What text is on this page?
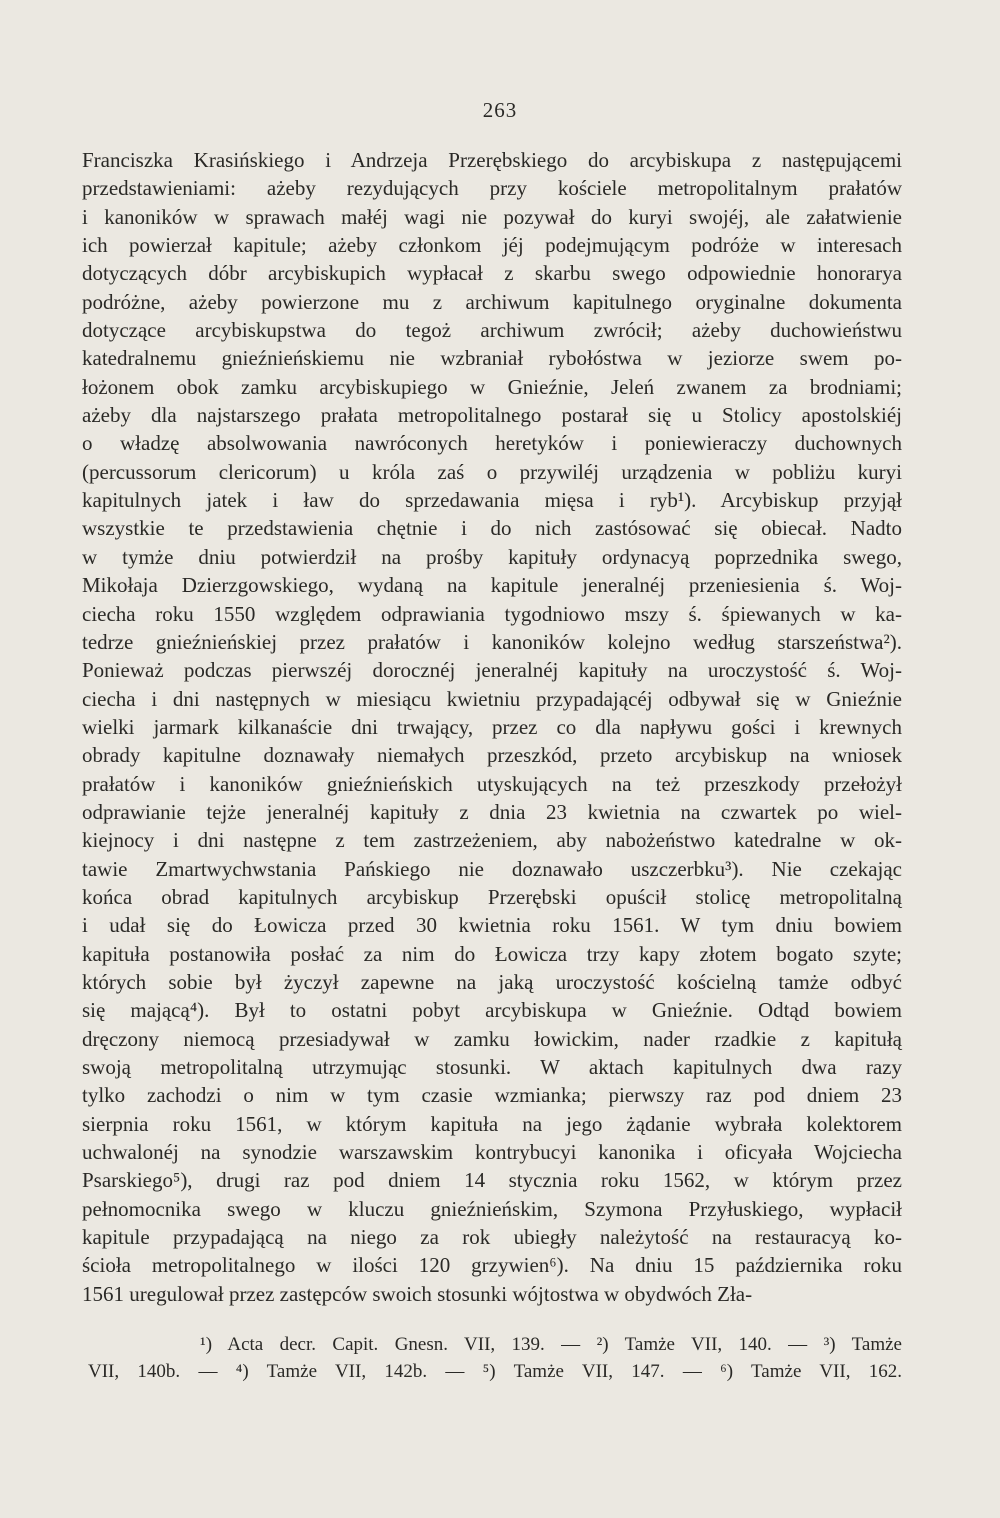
263
Franciszka Krasińskiego i Andrzeja Przerębskiego do arcybiskupa z następującemi
przedstawieniami: ażeby rezydujących przy kościele metropolitalnym prałatów
i kanoników w sprawach małéj wagi nie pozywał do kuryi swojéj, ale załatwienie
ich powierzał kapitule; ażeby członkom jéj podejmującym podróże w interesach
dotyczących dóbr arcybiskupich wypłacał z skarbu swego odpowiednie honorarya
podróżne, ażeby powierzone mu z archiwum kapitulnego oryginalne dokumenta
dotyczące arcybiskupstwa do tegoż archiwum zwrócił; ażeby duchowieństwu
katedralnemu gnieźnieńskiemu nie wzbraniał rybołóstwa w jeziorze swem po-
łożonem obok zamku arcybiskupiego w Gnieźnie, Jeleń zwanem za brodniami;
ażeby dla najstarszego prałata metropolitalnego postarał się u Stolicy apostolskiéj
o władzę absolwowania nawróconych heretyków i poniewieraczy duchownych
(percussorum clericorum) u króla zaś o przywiléj urządzenia w pobliżu kuryi
kapitulnych jatek i ław do sprzedawania mięsa i ryb¹). Arcybiskup przyjął
wszystkie te przedstawienia chętnie i do nich zastósować się obiecał. Nadto
w tymże dniu potwierdził na prośby kapituły ordynacyą poprzednika swego,
Mikołaja Dzierzgowskiego, wydaną na kapitule jeneralnéj przeniesienia ś. Woj-
ciecha roku 1550 względem odprawiania tygodniowo mszy ś. śpiewanych w ka-
tedrze gnieźnieńskiej przez prałatów i kanoników kolejno według starszeństwa²).
Ponieważ podczas pierwszéj dorocznéj jeneralnéj kapituły na uroczystość ś. Woj-
ciecha i dni następnych w miesiącu kwietniu przypadającéj odbywał się w Gnieźnie
wielki jarmark kilkanaście dni trwający, przez co dla napływu gości i krewnych
obrady kapitulne doznawały niemałych przeszkód, przeto arcybiskup na wniosek
prałatów i kanoników gnieźnieńskich utyskujących na też przeszkody przełożył
odprawianie tejże jeneralnéj kapituły z dnia 23 kwietnia na czwartek po wiel-
kiejnocy i dni następne z tem zastrzeżeniem, aby nabożeństwo katedralne w ok-
tawie Zmartwychwstania Pańskiego nie doznawało uszczerbku³). Nie czekając
końca obrad kapitulnych arcybiskup Przerębski opuścił stolicę metropolitalną
i udał się do Łowicza przed 30 kwietnia roku 1561. W tym dniu bowiem
kapituła postanowiła posłać za nim do Łowicza trzy kapy złotem bogato szyte;
których sobie był życzył zapewne na jaką uroczystość kościelną tamże odbyć
się mającą⁴). Był to ostatni pobyt arcybiskupa w Gnieźnie. Odtąd bowiem
dręczony niemocą przesiadywał w zamku łowickim, nader rzadkie z kapitułą
swoją metropolitalną utrzymując stosunki. W aktach kapitulnych dwa razy
tylko zachodzi o nim w tym czasie wzmianka; pierwszy raz pod dniem 23
sierpnia roku 1561, w którym kapituła na jego żądanie wybrała kolektorem
uchwalonéj na synodzie warszawskim kontrybucyi kanonika i oficyała Wojciecha
Psarskiego⁵), drugi raz pod dniem 14 stycznia roku 1562, w którym przez
pełnomocnika swego w kluczu gnieźnieńskim, Szymona Przyłuskiego, wypłacił
kapitule przypadającą na niego za rok ubiegły należytość na restauracyą ko-
ścioła metropolitalnego w ilości 120 grzywien⁶). Na dniu 15 października roku
1561 uregulował przez zastępców swoich stosunki wójtostwa w obydwóch Zła-
¹) Acta decr. Capit. Gnesn. VII, 139. — ²) Tamże VII, 140. — ³) Tamże
VII, 140b. — ⁴) Tamże VII, 142b. — ⁵) Tamże VII, 147. — ⁶) Tamże VII, 162.
